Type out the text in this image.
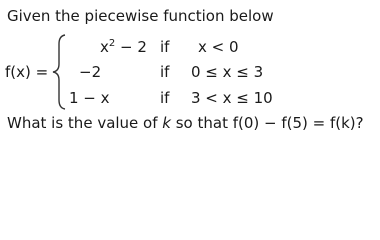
Given the piecewise function below
f(x) =
$x^2 - 2$ if x < 0
−2	if 0 ≤ x ≤ 3
1 − x	if 3 < x ≤ 10
What is the value of k so that f(0) − f(5) = f(k)?
